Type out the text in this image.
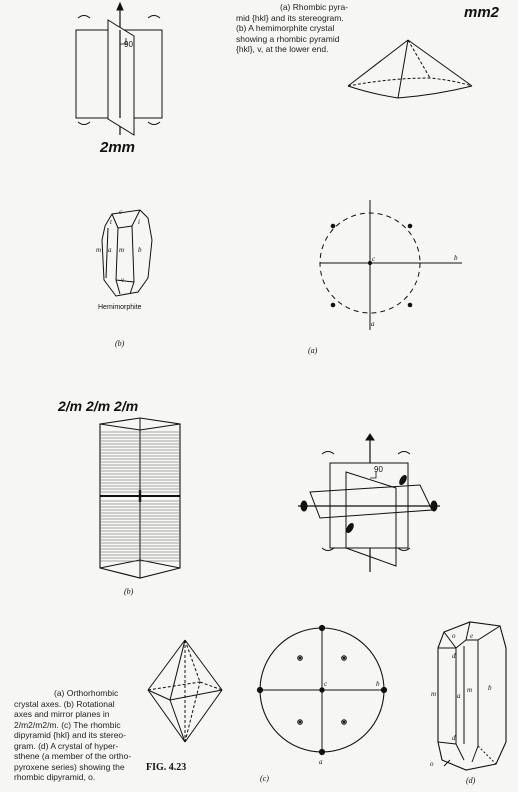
mm2
2mm
2/m 2/m 2/m
90
90
Hemimorphite
FIG. 4.23
(b)
(a)
(b)
(c)	(d)
c	b
a
c	b
a
c
t	i
m a m b
v
o e
d
m	a
m b
d
o
(a) Rhombic pyra-
mid {hkl} and its stereogram.
(b) A hemimorphite crystal
showing a rhombic pyramid
{hkl}, v, at the lower end.
(a) Orthorhombic
crystal axes. (b) Rotational
axes and mirror planes in
2/m2/m2/m. (c) The rhombic
dipyramid {hkl} and its stereo-
gram. (d) A crystal of hyper-
sthene (a member of the ortho-
pyroxene series) showing the
rhombic dipyramid, o.
